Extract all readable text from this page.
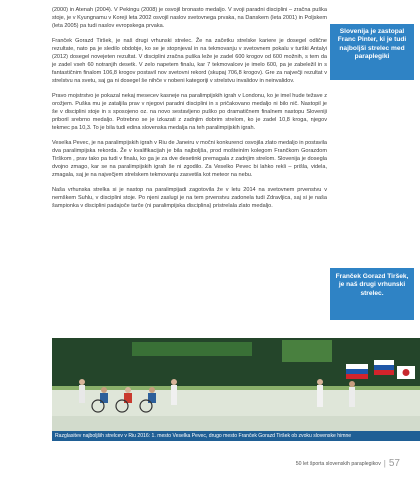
(2000) in Atenah (2004). V Pekingu (2008) je osvojil bronasto medaljo. V svoji paradni disciplini – zračna puška stoje, je v Kyungnamu v Koreji leta 2002 osvojil naslov svetovnega prvaka, na Danskem (leta 2001) in Poljskem (leta 2005) pa tudi naslov evropskega prvaka.

Franček Gorazd Tiršek, je naš drugi vrhunski strelec. Že na začetku strelske kariere je dosegel odlične rezultate, nato pa je sledilo obdobje, ko se je stopnjeval in na tekmovanju v svetovnem pokalu v turški Antalyi (2012) dosegel novejeten rezultat. V disciplini zračna puška leže je zadel 600 krogov od 600 možnih, s tem da je zadel vseh 60 notranjih desetk. V zelo napetem finalu, kar 7 tekmovalcev je imelo 600, pa je zabeležil in s fantastičnim finalom 106,8 krogov postavil nov svetovni rekord (skupaj 706,8 krogov). Gre za največji rezultat v strelstvu na svetu, saj ga ni dosegel še nihče v nobeni kategoriji v strelstvu invalidov in neinvalidov.

Pravo mojstrstvo je pokazal nekaj mesecev kasneje na paralimpijskih igrah v Londonu, ko je imel hude težave z orožjem. Puška mu je zataljila prav v njegovi paradni disciplini in s pričakovano medaljo ni bilo nič. Nastopil je še v disciplini stoje in s sposojeno oz. na novo sestavljeno puško po dramatičnem finalnem nastopu Sloveniji priboril srebrno medaljo. Potrebno se je izkazati z zadnjim dobrim strelom, ko je zadel 10,8 kroga, njegov tekmec pa 10,3. To je bila tudi edina slovenska medalja na teh paralimpijskih igrah.

Veselka Pevec, je na paralimpijskih igrah v Riu de Janeiru v močni konkurenci osvojila zlato medaljo in postavila dva paralimpijska rekorda. Že v kvalifikacijah je bila najboljša, prod mošteiním kolegom Frančkom Gorazdom Tirškom , prav tako pa tudi v finalu, ko ga je za dve desetinki premagala z zadnjim strelom. Slovenija je dosegla dvojno zmago, kar se na paralimpijskih igrah še ni zgodilo. Za Veselko Pevec bi lahko rekli – prišla, videla, zmagala, saj je na največjem strelskem tekmovanju zasvetila kot meteor na nebu.

Naša vrhunska strelka si je nastop na paralimpijadi zagotovila že v letu 2014 na svetovnem prvenstvu v nemškem Suhlu, v disciplini stoje. Po njeni zaslugi je na tem prvenstvu zadonela tudi Zdravljica, saj si je naša šampionka v disciplini padajoče tarče (ni paralimpijska disciplina) pristrelala zlato medaljo.

Slovenija je zastopal Franc Pinter, ki je tudi najboljši strelec med paraplegiki
Franček Gorazd Tiršek, je naš drugi vrhunski strelec.
Razglasitev najboljših strelcev v Riu 2016: 1. mesto Veselka Pevec, drugo mesto Franček Gorazd Tiršek ob zvoku slovenske himne
50 let športa slovenskih paraplegikov | 57
